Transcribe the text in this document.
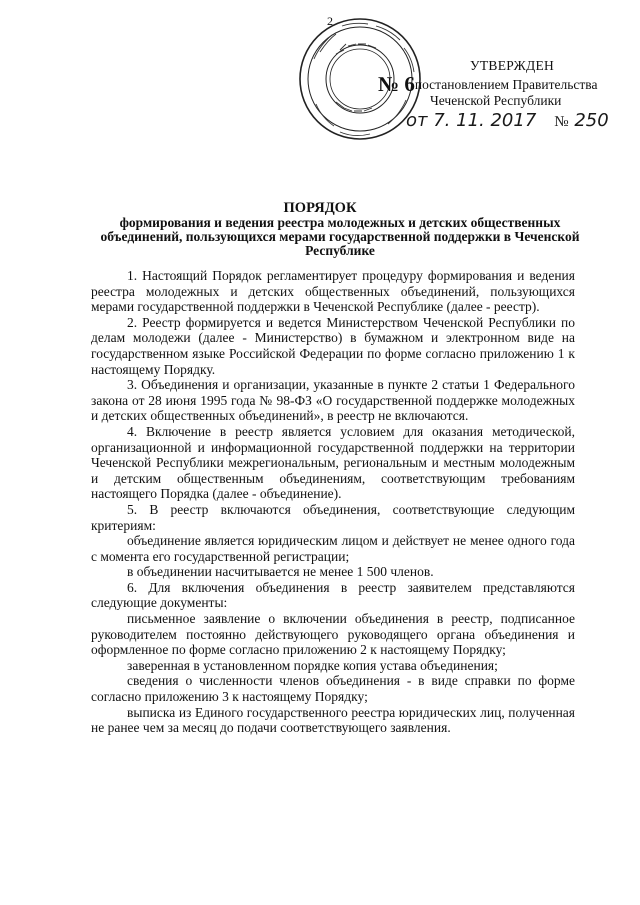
2
УТВЕРЖДЕН
№ 6постановлением Правительства
Чеченской Республики
от 7. 11. 2017 № 250
ПОРЯДОК
формирования и ведения реестра молодежных и детских общественных объединений, пользующихся мерами государственной поддержки в Чеченской Республике

1. Настоящий Порядок регламентирует процедуру формирования и ведения реестра молодежных и детских общественных объединений, пользующихся мерами государственной поддержки в Чеченской Республике (далее - реестр).

2. Реестр формируется и ведется Министерством Чеченской Республики по делам молодежи (далее - Министерство) в бумажном и электронном виде на государственном языке Российской Федерации по форме согласно приложению 1 к настоящему Порядку.

3. Объединения и организации, указанные в пункте 2 статьи 1 Федерального закона от 28 июня 1995 года № 98-ФЗ «О государственной поддержке молодежных и детских общественных объединений», в реестр не включаются.

4. Включение в реестр является условием для оказания методической, организационной и информационной государственной поддержки на территории Чеченской Республики межрегиональным, региональным и местным молодежным и детским общественным объединениям, соответствующим требованиям настоящего Порядка (далее - объединение).

5. В реестр включаются объединения, соответствующие следующим критериям:

объединение является юридическим лицом и действует не менее одного года с момента его государственной регистрации;

в объединении насчитывается не менее 1 500 членов.

6. Для включения объединения в реестр заявителем представляются следующие документы:

письменное заявление о включении объединения в реестр, подписанное руководителем постоянно действующего руководящего органа объединения и оформленное по форме согласно приложению 2 к настоящему Порядку;

заверенная в установленном порядке копия устава объединения;

сведения о численности членов объединения - в виде справки по форме согласно приложению 3 к настоящему Порядку;

выписка из Единого государственного реестра юридических лиц, полученная не ранее чем за месяц до подачи соответствующего заявления.
